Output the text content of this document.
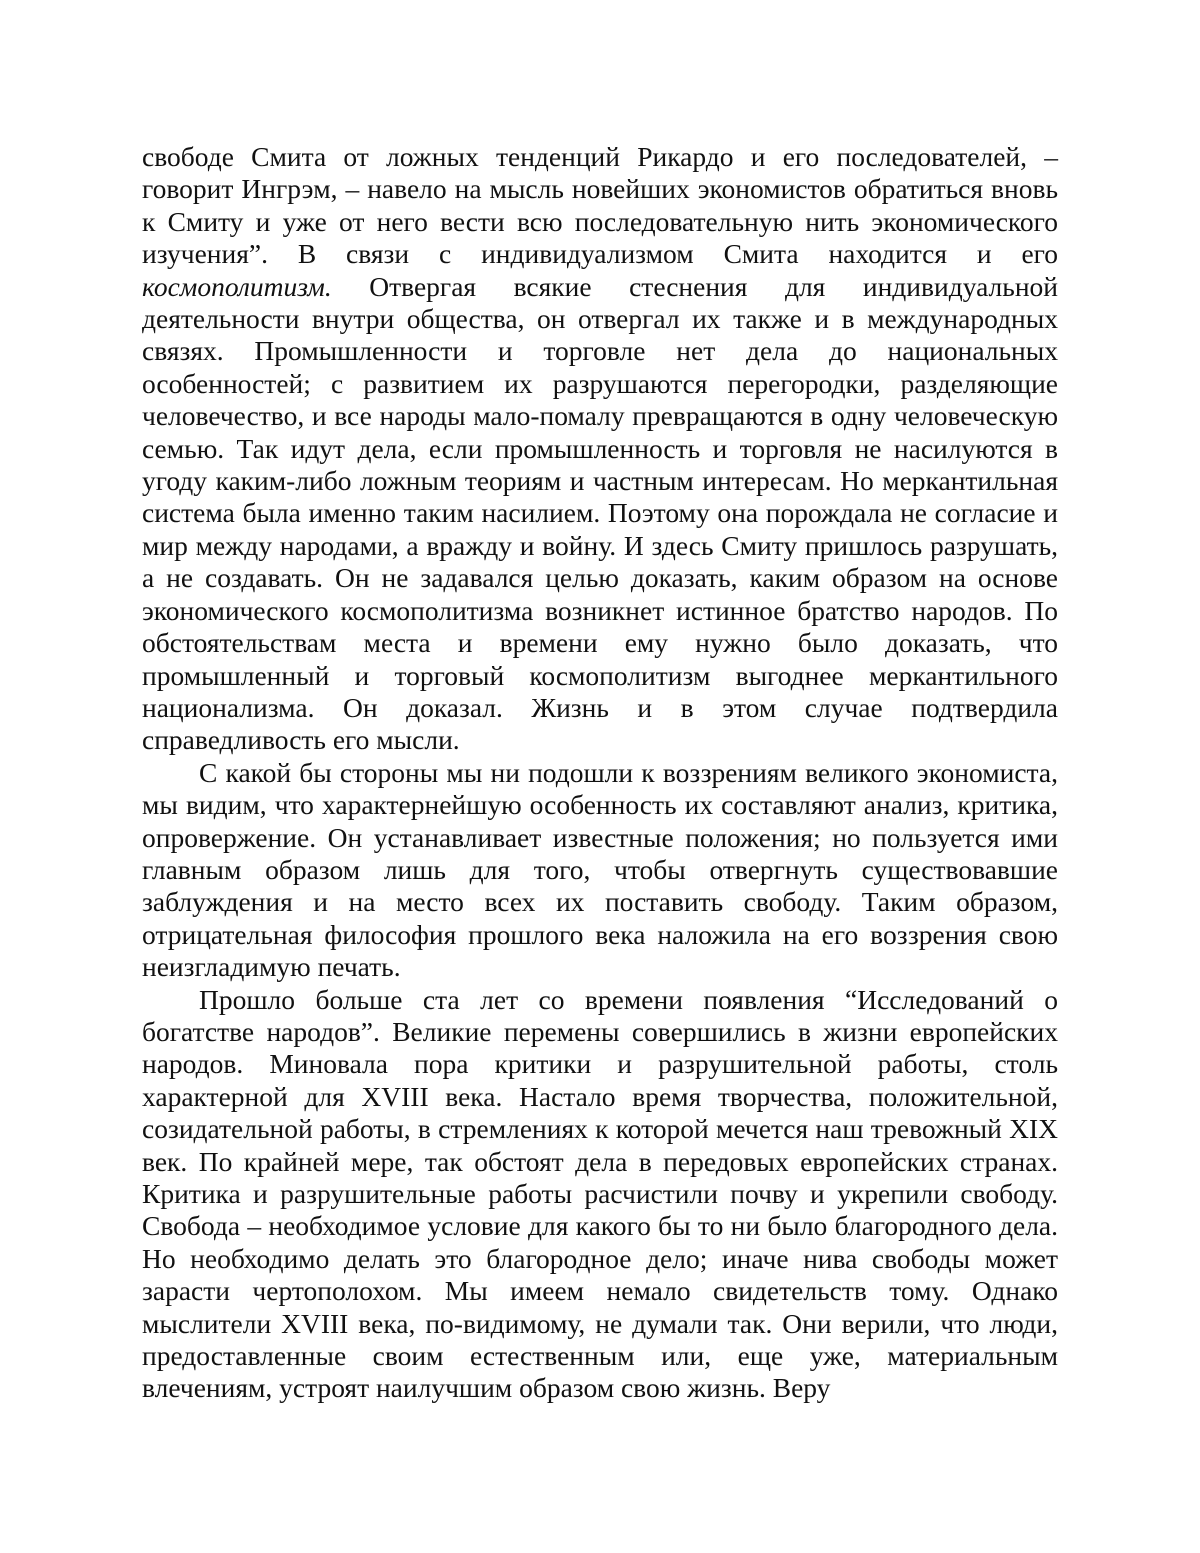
свободе Смита от ложных тенденций Рикардо и его последователей, – говорит Ингрэм, – навело на мысль новейших экономистов обратиться вновь к Смиту и уже от него вести всю последовательную нить экономического изучения”. В связи с индивидуализмом Смита находится и его космополитизм. Отвергая всякие стеснения для индивидуальной деятельности внутри общества, он отвергал их также и в международных связях. Промышленности и торговле нет дела до национальных особенностей; с развитием их разрушаются перегородки, разделяющие человечество, и все народы мало-помалу превращаются в одну человеческую семью. Так идут дела, если промышленность и торговля не насилуются в угоду каким-либо ложным теориям и частным интересам. Но меркантильная система была именно таким насилием. Поэтому она порождала не согласие и мир между народами, а вражду и войну. И здесь Смиту пришлось разрушать, а не создавать. Он не задавался целью доказать, каким образом на основе экономического космополитизма возникнет истинное братство народов. По обстоятельствам места и времени ему нужно было доказать, что промышленный и торговый космополитизм выгоднее меркантильного национализма. Он доказал. Жизнь и в этом случае подтвердила справедливость его мысли.

С какой бы стороны мы ни подошли к воззрениям великого экономиста, мы видим, что характернейшую особенность их составляют анализ, критика, опровержение. Он устанавливает известные положения; но пользуется ими главным образом лишь для того, чтобы отвергнуть существовавшие заблуждения и на место всех их поставить свободу. Таким образом, отрицательная философия прошлого века наложила на его воззрения свою неизгладимую печать.

Прошло больше ста лет со времени появления “Исследований о богатстве народов”. Великие перемены совершились в жизни европейских народов. Миновала пора критики и разрушительной работы, столь характерной для XVIII века. Настало время творчества, положительной, созидательной работы, в стремлениях к которой мечется наш тревожный XIX век. По крайней мере, так обстоят дела в передовых европейских странах. Критика и разрушительные работы расчистили почву и укрепили свободу. Свобода – необходимое условие для какого бы то ни было благородного дела. Но необходимо делать это благородное дело; иначе нива свободы может зарасти чертополохом. Мы имеем немало свидетельств тому. Однако мыслители XVIII века, по-видимому, не думали так. Они верили, что люди, предоставленные своим естественным или, еще уже, материальным влечениям, устроят наилучшим образом свою жизнь. Веру
